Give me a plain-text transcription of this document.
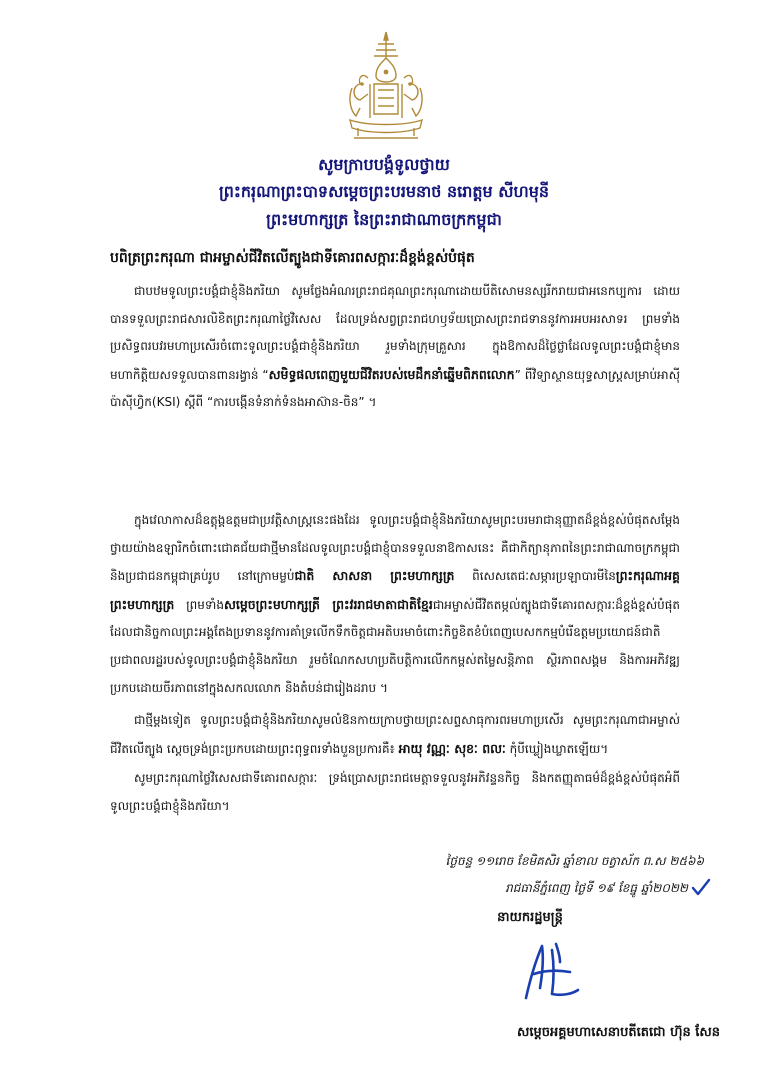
សូមក្រាបបង្គំទូលថ្វាយ
ព្រះករុណាព្រះបាទសម្តេចព្រះបរមនាថ នរោត្តម សីហមុនី
ព្រះមហាក្សត្រ នៃព្រះរាជាណាចក្រកម្ពុជា
បពិត្រព្រះករុណា ជាអម្ចាស់ជីវិតលើត្បូងជាទីគោរពសក្ការៈដ៏ខ្ពង់ខ្ពស់បំផុត
ជាបឋមទូលព្រះបង្គំជាខ្ញុំនិងភរិយា សូមថ្លែងអំណរព្រះរាជគុណព្រះករុណាដោយបីតិសោមនស្សរីករាយជាអនេកប្បការ ដោយបានទទួលព្រះរាជសារលិខិតព្រះករុណាថ្លៃវិសេស ដែលទ្រង់សព្វព្រះរាជហឫទ័យប្រោសព្រះរាជទាននូវការអបអរសាទរ ព្រមទាំងប្រសិទ្ធពរបវរមហាប្រសើរចំពោះទូលព្រះបង្គំជាខ្ញុំនិងភរិយា រួមទាំងក្រុមគ្រួសារ ក្នុងឱកាសដ៏ថ្លៃថ្លាដែលទូលព្រះបង្គំជាខ្ញុំមានមហាកិត្តិយសទទួលបានពានរង្វាន់ “សមិទ្ធផលពេញមួយជីវិតរបស់មេដឹកនាំឆ្នើមពិភពលោក” ពីវិទ្យាស្ថានយុទ្ធសាស្ត្រសម្រាប់អាស៊ីប៉ាស៊ីហ្វិក(KSI) ស្តីពី “ការបង្កើនទំនាក់ទំនងអាស៊ាន-ចិន” ។
ក្នុងវេលាកាសដ៏ឧត្តុង្គឧត្តមជាប្រវត្តិសាស្ត្រនេះផងដែរ ទូលព្រះបង្គំជាខ្ញុំនិងភរិយាសូមព្រះបរមរាជានុញ្ញាតដ៏ខ្ពង់ខ្ពស់បំផុតសម្តែងថ្វាយយ៉ាងឧឡារិកចំពោះជោគជ័យជាថ្មីមានដែលទូលព្រះបង្គំជាខ្ញុំបានទទួលនាឱកាសនេះ គឺជាកិត្យានុភាពនៃព្រះរាជាណាចក្រកម្ពុជា និងប្រជាជនកម្ពុជាគ្រប់រូប នៅក្រោមម្លប់ជាតិ សាសនា ព្រះមហាក្សត្រ ពិសេសតេជៈសម្ភារប្រឡាបារមីនៃព្រះករុណាអគ្គព្រះមហាក្សត្រ ព្រមទាំងសម្តេចព្រះមហាក្សត្រី ព្រះវររាជមាតាជាតិខ្មែរជាអម្ចាស់ជីវិតតម្កល់ត្បូងជាទីគោរពសក្ការៈដ៏ខ្ពង់ខ្ពស់បំផុត ដែលជានិច្ចកាលព្រះអង្គតែងប្រទាននូវការគាំទ្រលើកទឹកចិត្តជាអតិបរមាចំពោះកិច្ចខិតខំបំពេញបេសកកម្មបំរើឧត្តមប្រយោជន៍ជាតិ ប្រជាពលរដ្ឋរបស់ទូលព្រះបង្គំជាខ្ញុំនិងភរិយា រួមចំណែកសហប្រតិបត្តិការលើកកម្ពស់តម្លៃសន្តិភាព ស្ថិរភាពសង្គម និងការអភិវឌ្ឍប្រកបដោយចីរភាពនៅក្នុងសកលលោក និងតំបន់ជារៀងដរាប ។
ជាថ្មីម្តងទៀត ទូលព្រះបង្គំជាខ្ញុំនិងភរិយាសូមលំឱនកាយក្រាបថ្វាយព្រះសព្ទសាធុការពរមហាប្រសើរ សូមព្រះករុណាជាអម្ចាស់ជីវិតលើត្បូង ស្តេចទ្រង់ព្រះប្រកបដោយព្រះពុទ្ធពរទាំងបួនប្រការគឺ៖ អាយុ វណ្ណៈ សុខៈ ពលៈ កុំបីឃ្លៀងឃ្លាតឡើយ។
សូមព្រះករុណាថ្លៃវិសេសជាទីគោរពសក្ការៈ ទ្រង់ប្រោសព្រះរាជមេត្តាទទួលនូវអភិវន្ទនកិច្ច និងកតញ្ញុតាធម៌ដ៏ខ្ពង់ខ្ពស់បំផុតអំពីទូលព្រះបង្គំជាខ្ញុំនិងភរិយា។
ថ្ងៃចន្ទ ១១រោច ខែមិគសិរ ឆ្នាំខាល ចត្វាស័ក ព.ស ២៥៦៦
រាជធានីភ្នំពេញ ថ្ងៃទី ១៩ ខែធ្នូ ឆ្នាំ២០២២
នាយករដ្ឋមន្ត្រី
សម្តេចអគ្គមហាសេនាបតីតេជោ ហ៊ុន សែន
